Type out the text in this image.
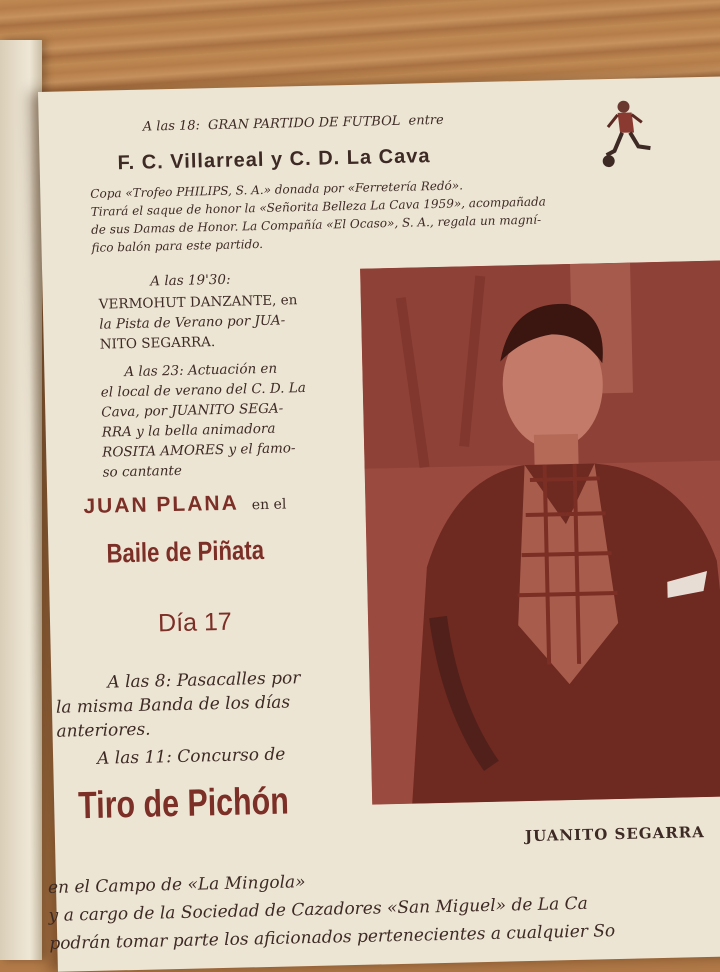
A las 18: GRAN PARTIDO DE FUTBOL entre
F. C. Villarreal y C. D. La Cava
Copa «Trofeo PHILIPS, S. A.» donada por «Ferretería Redó».
Tirará el saque de honor la «Señorita Belleza La Cava 1959», acompañada
de sus Damas de Honor. La Compañía «El Ocaso», S. A., regala un magní-
fico balón para este partido.
A las 19'30:
VERMOHUT DANZANTE, en
la Pista de Verano por JUA-
NITO SEGARRA.
A las 23: Actuación en
el local de verano del C. D. La
Cava, por JUANITO SEGA-
RRA y la bella animadora
ROSITA AMORES y el famo-
so cantante
JUAN PLANA en el
Baile de Piñata
Día 17
A las 8: Pasacalles por
la misma Banda de los días
anteriores.
A las 11: Concurso de
Tiro de Pichón
JUANITO SEGARRA
en el Campo de «La Mingola»
y a cargo de la Sociedad de Cazadores «San Miguel» de La Ca
podrán tomar parte los aficionados pertenecientes a cualquier So
